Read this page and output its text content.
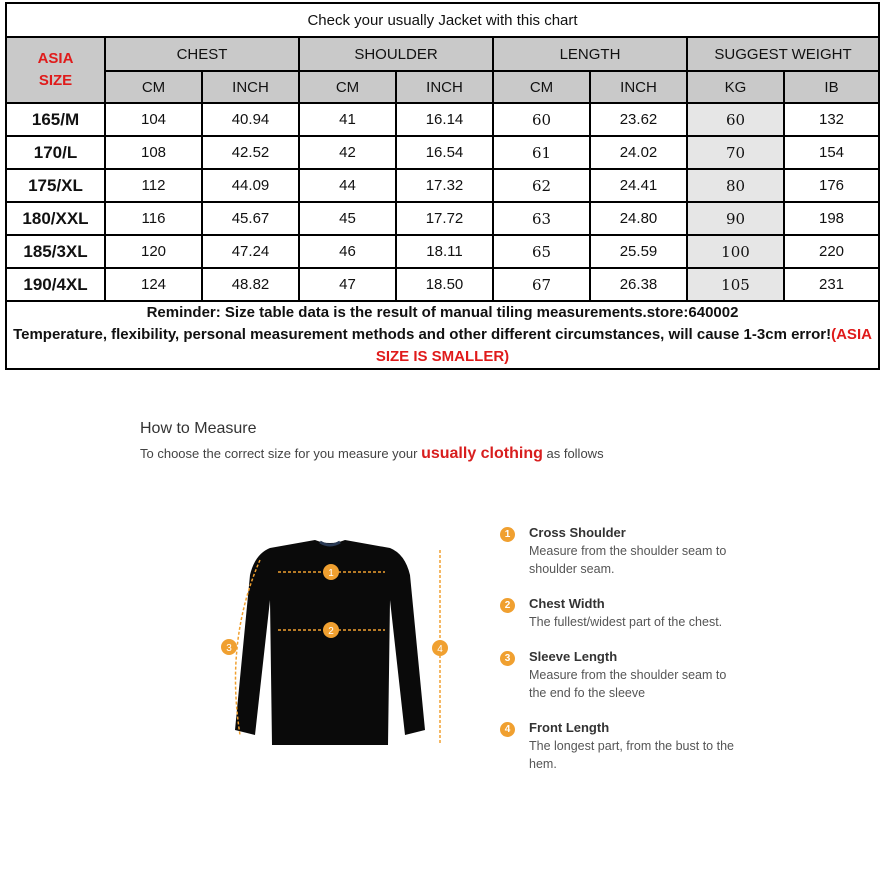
Check your usually Jacket with this chart								

ASIA
SIZE	CHEST		SHOULDER		LENGTH		SUGGEST WEIGHT	
	CM	INCH	CM	INCH	CM	INCH	KG	IB
165/M	104	40.94	41	16.14	60	23.62	60	132
170/L	108	42.52	42	16.54	61	24.02	70	154
175/XL	112	44.09	44	17.32	62	24.41	80	176
180/XXL	116	45.67	45	17.72	63	24.80	90	198
185/3XL	120	47.24	46	18.11	65	25.59	100	220
190/4XL	124	48.82	47	18.50	67	26.38	105	231

Reminder: Size table data is the result of manual tiling measurements.store:640002
Temperature, flexibility, personal measurement methods and other different circumstances, will cause 1-3cm error!(ASIA SIZE IS SMALLER)								
How to Measure
To choose the correct size for you measure your usually clothing as follows
1
2
3	4
1	Cross Shoulder
Measure from the shoulder seam to shoulder seam.
2	Chest Width
The fullest/widest part of the chest.
3	Sleeve Length
Measure from the shoulder seam to the end fo the sleeve
4	Front Length
The longest part, from the bust to the hem.
